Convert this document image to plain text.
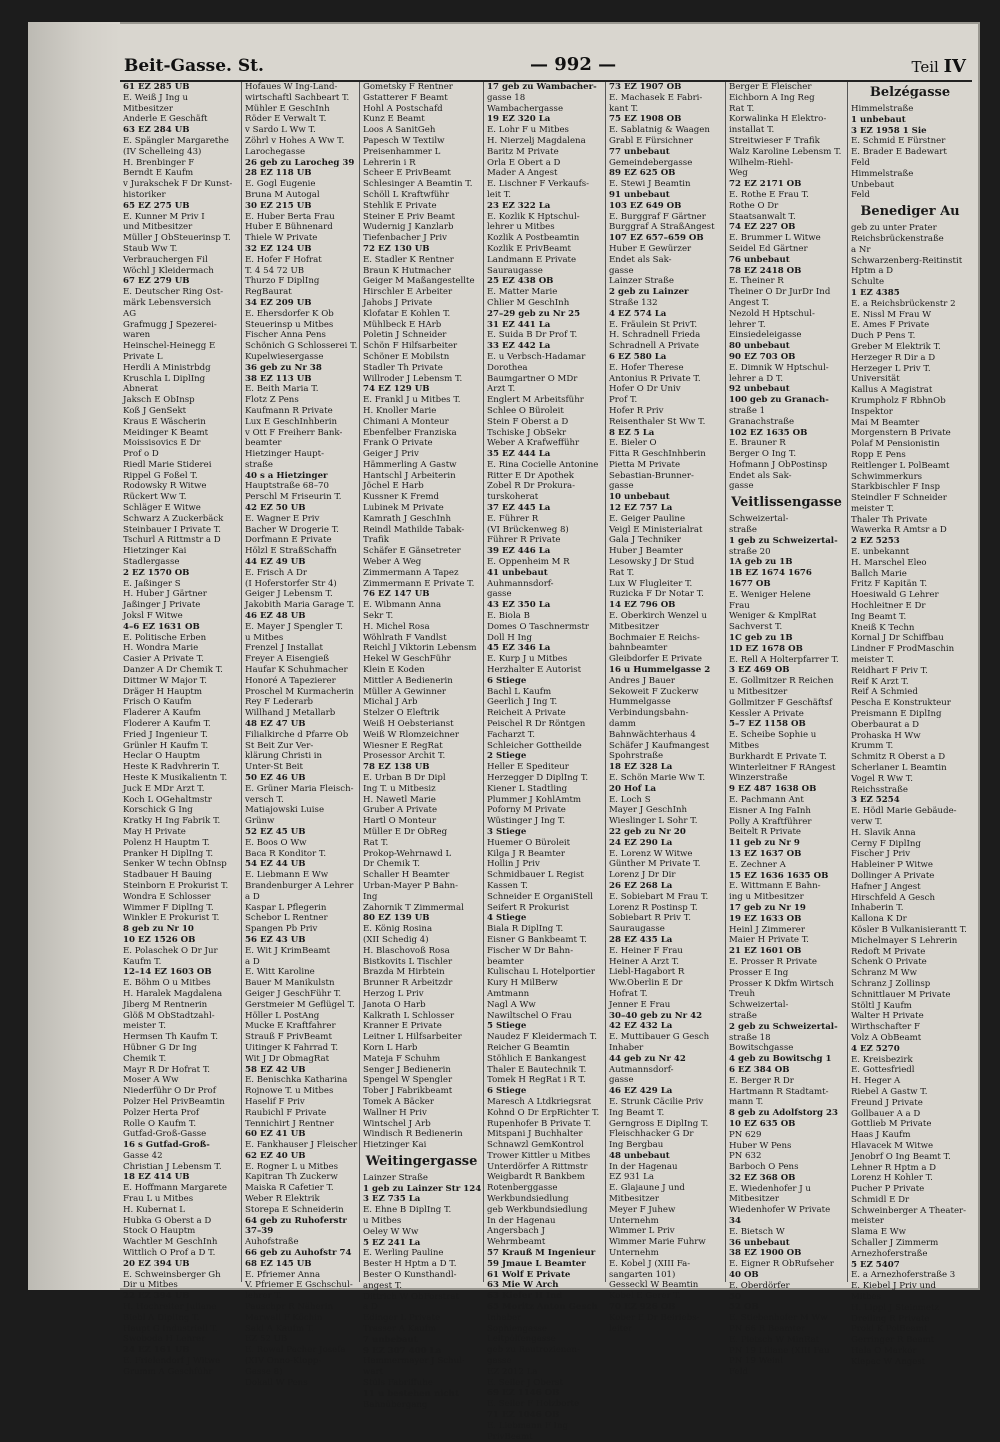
Beit-Gasse. St.	— 992 —	Teil IV
61 EZ 285 UB
E. Weiß J Ing u
Mitbesitzer
Anderle E Geschäft
63 EZ 284 UB
E. Spängler Margarethe
(IV Schelleing 43)
H. Brenbinger F
Berndt E Kaufm
v Jurakschek F Dr Kunst-
historiker
65 EZ 275 UB
E. Kunner M Priv I
und Mitbesitzer
Müller J ObSteuerinsp T.
Staub Ww T.
Verbrauchergen Fil
Wöchl J Kleidermach
67 EZ 279 UB
E. Deutscher Ring Ost-
märk Lebensversich
AG
Grafmugg J Spezerei-
waren
Heinschel-Heinegg E
Private L
Herdli A Ministrbdg
Kruschla L DiplIng
Abnerat
Jaksch E ObInsp
Koß J GenSekt
Kraus E Wäscherin
Meidinger K Beamt
Moissisovics E Dr
Prof o D
Riedl Marie Stiderei
Rippel G Foßel T.
Rodowsky R Witwe
Rückert Ww T.
Schläger E Witwe
Schwarz A Zuckerbäck
Steinbauer I Private T.
Tschurl A Rittmstr a D
Hietzinger Kai
Stadlergasse
2 EZ 1570 OB
E. Jaßinger S
H. Huber J Gärtner
Jaßinger J Private
Joksl F Witwe
4–6 EZ 1631 OB
E. Politische Erben
H. Wondra Marie
Casier A Private T.
Danzer A Dr Chemik T.
Dittmer W Major T.
Dräger H Hauptm
Frisch O Kaufm
Fladerer A Kaufm
Floderer A Kaufm T.
Fried J Ingenieur T.
Grünler H Kaufm T.
Heclar O Hauptm
Heste K Radvhrerin T.
Heste K Musikalientn T.
Juck E MDr Arzt T.
Koch L OGehaltmstr
Korschick G Ing
Kratky H Ing Fabrik T.
May H Private
Polenz H Hauptm T.
Pranker H DiplIng T.
Senker W techn ObInsp
Stadbauer H Bauing
Steinborn E Prokurist T.
Wondra E Schlosser
Wimmer F DiplIng T.
Winkler E Prokurist T.
8 geb zu Nr 10
10 EZ 1526 OB
E. Polaschek O Dr Jur
Kaufm T.
12–14 EZ 1603 OB
E. Böhm O u Mitbes
H. Haralek Magdalena
Jiberg M Rentnerin
Glöß M ObStadtzahl-
meister T.
Hermsen Th Kaufm T.
Hübner G Dr Ing
Chemik T.
Mayr R Dr Hofrat T.
Moser A Ww
Niederführ O Dr Prof
Polzer Hel PrivBeamtin
Polzer Herta Prof
Rolle O Kaufm T.
Gutfad-Groß-Gasse
16 s Gutfad-Groß-
Gasse 42
Christian J Lebensm T.
18 EZ 414 UB
E. Hoffmann Margarete
Frau L u Mitbes
H. Kubernat L
Hubka G Oberst a D
Stock O Hauptm
Wachtler M GeschInh
Wittlich O Prof a D T.
20 EZ 394 UB
E. Schweinsberger Gh
Dir u Mitbes
22 EZ 394 UB
H. Hochreiter Juliane
Biebl A DiplIng T.
Haupt G Industriell T.
Swoboda H Lehrer
24 EZ 161 UB
E. Frielendorf J Witwe
Grumm A Geschführ
Hofaues W Ing-Land-
wirtschaftl Sachbeart T.
Mühler E GeschInh
Röder E Verwalt T.
v Sardo L Ww T.
Zöhrl v Hohes A Ww T.
Larochegasse
26 geb zu Larocheg 39
28 EZ 118 UB
E. Gogl Eugenie
Bruna M Autogal
30 EZ 215 UB
E. Huber Berta Frau
Huber E Bühnenard
Thiele W Private
32 EZ 124 UB
E. Hofer F Hofrat
T. 4 54 72 UB
Thurzo F DiplIng
RegBaurat
34 EZ 209 UB
E. Ehersdorfer K Ob
Steuerinsp u Mitbes
Fischer Anna Pens
Schönich G Schlosserei T.
Kupelwiesergasse
36 geb zu Nr 38
38 EZ 113 UB
E. Beith Maria T.
Flotz Z Pens
Kaufmann R Private
Lux E GeschInhberin
v Ott F Freiherr Bank-
beamter
Hietzinger Haupt-
straße
40 s a Hietzinger
Hauptstraße 68–70
Perschl M Friseurin T.
42 EZ 50 UB
E. Wagner E Priv
Bacher W Drogerie T.
Dorfmann E Private
Hölzl E StraßSchaffn
44 EZ 49 UB
E. Frisch A Dr
(I Hoferstorfer Str 4)
Geiger J Lebensm T.
Jakobith Maria Garage T.
46 EZ 48 UB
E. Mayer J Spengler T.
u Mitbes
Frenzel J Installat
Freyer A Eisengieß
Haufar K Schuhmacher
Honoré A Tapezierer
Proschel M Kurmacherin
Rey F Lederarb
Willhand J Metallarb
48 EZ 47 UB
Filialkirche d Pfarre Ob
St Beit Zur Ver-
klärung Christi in
Unter-St Beit
50 EZ 46 UB
E. Grüner Maria Fleisch-
versch T.
Matiajowski Luise
Grünw
52 EZ 45 UB
E. Boos O Ww
Baca R Konditor T.
54 EZ 44 UB
E. Liebmann E Ww
Brandenburger A Lehrer
a D
Kaspar L Pflegerin
Schebor L Rentner
Spangen Pb Priv
56 EZ 43 UB
E. Wit J KrimBeamt
a D
E. Witt Karoline
Bauer M Manikulstn
Geiger J GeschFühr T.
Gerstmeier M Geflügel T.
Höller L PostAng
Mucke E Kraftfahrer
Strauß F PrivBeamt
Uitinger K Fahrrad T.
Wit J Dr ObmagRat
58 EZ 42 UB
E. Benischka Katharina
Rojnowe T. u Mitbes
Haselif F Priv
Raubichl F Private
Tennichirt J Rentner
60 EZ 41 UB
E. Fankhauser J Fleischer
62 EZ 40 UB
E. Rogner L u Mitbes
Kapitran Th Zuckerw
Maiska R Cafetier T.
Weber R Elektrik
Storepa E Schneiderin
64 geb zu Ruhoferstr
37–39
Auhofstraße
66 geb zu Auhofstr 74
68 EZ 145 UB
E. Pfriemer Anna
V. Pfriemer E Gschschul-
lehrer T.
Pauschpr R Näherin
Marwall F Köchin
Sakl A Kaufm T.
EZ 52 UB
E. Rowal Pacher Josefa
(XIV Onno-Klopp-
Gasse 8)
Dokall W Pens
Gometsky F Rentner
Gstatterer F Beamt
Hohl A Postschafd
Kunz E Beamt
Loos A SanitGeh
Papesch W Textilw
Preisenhammer L
Lehrerin i R
Scheer E PrivBeamt
Schlesinger A Beamtin T.
Schöll L Kraftwführ
Stehlik E Private
Steiner E Priv Beamt
Wudernig J Kanzlarb
Tiefenbacher J Priv
72 EZ 130 UB
E. Stadler K Rentner
Braun K Hutmacher
Geiger M Maßangestellte
Hirschler E Arbeiter
Jahobs J Private
Klofatar E Kohlen T.
Mühlbeck E HArb
Poletin J Schneider
Schön F Hilfsarbeiter
Schöner E Mobilstn
Stadler Th Private
Willroder J Lebensm T.
74 EZ 129 UB
E. Frankl J u Mitbes T.
H. Knoller Marie
Chimani A Monteur
Ebenfelber Franziska
Frank O Private
Geiger J Priv
Hämmerling A Gastw
Hantschl J Arbeiterin
Jöchel E Harb
Kussner K Fremd
Lubinek M Private
Kamrath J GeschInh
Reindl Mathilde Tabak-
Trafik
Schäfer E Gänsetreter
Weber A Weg
Zimmermann A Tapez
Zimmermann E Private T.
76 EZ 147 UB
E. Wibmann Anna
Sekr T.
H. Michel Rosa
Wöhlrath F Vandlst
Reichl J Viktorin Lebensm
Hekel W GeschFühr
Klein E Koden
Mittler A Bedienerin
Müller A Gewinner
Michal J Arb
Stelzer O Eleftrik
Weiß H Oebsterianst
Weiß W Rlomzeichner
Wiesner E RegRat
Prosessor Archit T.
78 EZ 138 UB
E. Urban B Dr Dipl
Ing T. u Mitbesiz
H. Nawetl Marie
Gruber A Private
Hartl O Monteur
Müller E Dr ObReg
Rat T.
Prokop-Wehrnawd L
Dr Chemik T.
Schaller H Beamter
Urban-Mayer P Bahn-
Ing
Zahornik T Zimmermal
80 EZ 139 UB
E. König Rosina
(XII Schedig 4)
H. Blaschovoß Rosa
Bistkovits L Tischler
Brazda M Hirbtein
Brunner R Arbeitzdr
Herzog L Priv
Janota O Harb
Kalkrath L Schlosser
Kranner E Private
Leitner L Hilfsarbeiter
Korn L Harb
Mateja F Schuhm
Senger J Bedienerin
Spengel W Spengler
Tober J Fabrikbeamt
Tomek A Bäcker
Wallner H Priv
Wintschel J Arb
Windisch R Bedienerin
Hietzinger Kai
Weitingergasse
Lainzer Straße
1 geb zu Lainzer Str 124
3 EZ 735 La
E. Ehne B DiplIng T.
u Mitbes
Oeley W Ww
5 EZ 241 La
E. Werling Pauline
Bester H Hptm a D T.
Bester O Kunsthandl-
angest T.
Dittrich W ObForstrat
a D
Edinger L Private
Trasser A Kaufm
7 unbebaut
9 EZ 307 400 La
Hammermayer J Schul-
wart
Stüls Fabriffuhe
11 u bestehen nicht
Bahnübergang
17 geb zu Wambacher-
gasse 18
Wambachergasse
19 EZ 320 La
E. Lohr F u Mitbes
H. Nierzelj Magdalena
Baritz M Private
Orla E Obert a D
Mader A Angest
E. Lischner F Verkaufs-
leit T.
23 EZ 322 La
E. Kozlik K Hptschul-
lehrer u Mitbes
Kozlik A Postbeamtin
Kozlik E PrivBeamt
Landmann E Private
Sauraugasse
25 EZ 438 OB
E. Matter Marie
Chlier M GeschInh
27–29 geb zu Nr 25
31 EZ 441 La
E. Suida B Dr Prof T.
33 EZ 442 La
E. u Verbsch-Hadamar
Dorothea
Baumgartner O MDr
Arzt T.
Englert M Arbeitsführ
Schlee O Büroleit
Stein F Oberst a D
Tschiske J ObSekr
Weber A Krafwefführ
35 EZ 444 La
E. Rina Cocielle Antonine
Ritter E Dr Apothek
Zobel R Dr Prokura-
turskoherat
37 EZ 445 La
E. Führer R
(VI Brückenweg 8)
Führer R Private
39 EZ 446 La
E. Oppenheim M R
41 unbebaut
Auhmannsdorf-
gasse
43 EZ 350 La
E. Biola B
Domes O Taschnermstr
Doll H Ing
45 EZ 346 La
E. Kurp J u Mitbes
Herzhalter E Autorist
6 Stiege
Bachl L Kaufm
Geerlich J Ing T.
Reicheit A Private
Peischel R Dr Röntgen
Facharzt T.
Schleicher Gottheilde
2 Stiege
Heller E Spediteur
Herzegger D DiplIng T.
Kiener L Stadtling
Plummer J KohlAmtm
Poforny M Private
Wüstinger J Ing T.
3 Stiege
Huemer O Büroleit
Kilga J R Beamter
Hollin J Priv
Schmidbauer L Regist
Kassen T.
Schneider E OrganiStell
Seifert R Prokurist
4 Stiege
Biala R DiplIng T.
Eisner G Bankbeamt T.
Fischer W Dr Bahn-
beamter
Kulischau L Hotelportier
Kury H MilBerw
Amtmann
Nagl A Ww
Nawiltschel O Frau
5 Stiege
Naudez F Kleidermach T.
Reicher G Beamtin
Stöhlich E Bankangest
Thaler E Bautechnik T.
Tomek H RegRat i R T.
6 Stiege
Maresch A Ltdkriegsrat
Kohnd O Dr ErpRichter T.
Rupenhofer B Private T.
Mitspani J Buchhalter
Schnawzl GemKontrol
Trower Kittler u Mitbes
Unterdörfer A Rittmstr
Weigbardt R Bankbem
Rotenberggasse
Werkbundsiedlung
geb Werkbundsiedlung
In der Hagenau
Angersbach J
Wehrmbeamt
57 Krauß M Ingenieur
59 Jmaue L Beamter
61 Wolf E Private
63 Mie W Arch
63 Kiefer H Ind
65 Moritz Anton Gesch
Inhaber
Sophiengasse
Leitpölfengasse
geb zu Reutrozienen-
gasse
EZ 2012 La
E. Seiler J Oberst
69 EZ 1146 OB
E. Seiler F Holzborte
71 EZ 1046 OB
E. Liebmann F Ing
PrivBeamt
73 EZ 1907 OB
E. Machasek E Fabri-
kant T.
75 EZ 1908 OB
E. Sablatnig & Waagen
Grabl E Fürsichner
77 unbebaut
Gemeindebergasse
89 EZ 625 OB
E. Stewi J Beamtin
91 unbebaut
103 EZ 649 OB
E. Burggraf F Gärtner
Burggraf A StraßAngest
107 EZ 657–659 OB
Huber E Gewürzer
Endet als Sak-
gasse
Lainzer Straße
2 geb zu Lainzer
Straße 132
4 EZ 574 La
E. Fräulein St PrivT.
H. Schradnell Frieda
Schradnell A Private
6 EZ 580 La
E. Hofer Therese
Antonius R Private T.
Hofer O Dr Univ
Prof T.
Hofer R Priv
Reisenthaler St Ww T.
8 EZ 5 La
E. Bieler O
Fitta R GeschInhberin
Pietta M Private
Sebastian-Brunner-
gasse
10 unbebaut
12 EZ 757 La
E. Geiger Pauline
Veigl E Ministerialrat
Gala J Techniker
Huber J Beamter
Lesowsky J Dr Stud
Rat T.
Lux W Flugleiter T.
Ruzicka F Dr Notar T.
14 EZ 796 OB
E. Oberkirch Wenzel u
Mitbesitzer
Bochmaier E Reichs-
bahnbeamter
Gleibdorfer E Private
16 u Hummelgasse 2
Andres J Bauer
Sekoweit F Zuckerw
Hummelgasse
Verbindungsbahn-
damm
Bahnwächterhaus 4
Schäfer J Kaufmangest
Spohrstraße
18 EZ 328 La
E. Schön Marie Ww T.
20 Hof La
E. Loch S
Mayer J GeschInh
Wieslinger L Sohr T.
22 geb zu Nr 20
24 EZ 290 La
E. Lorenz W Witwe
Günther M Private T.
Lorenz J Dr Dir
26 EZ 268 La
E. Sobiebart M Frau T.
Lorenz R Postinsp T.
Sobiebart R Priv T.
Sauraugasse
28 EZ 435 La
E. Heiner F Frau
Heiner A Arzt T.
Liebl-Hagabort R
Ww.Oberlin E Dr
Hofrat T.
Jenner E Frau
30–40 geb zu Nr 42
42 EZ 432 La
E. Muttibauer G Gesch
Inhaber
44 geb zu Nr 42
Autmannsdorf-
gasse
46 EZ 429 La
E. Strunk Cäcilie Priv
Ing Beamt T.
Gerngross E DiplIng T.
Fleischhacker G Dr
Ing Bergbau
48 unbebaut
In der Hagenau
EZ 931 La
E. Glajaune J und
Mitbesitzer
Meyer F Juhew
Unternehm
Wimmer L Priv
Wimmer Marie Fuhrw
Unternehm
E. Kobel J (XIII Fa-
sangarten 101)
Gesseckl W Beamtin
Kobel E Gerer T.
70 EZ 926 OB
Kober E Dr Beiriebs-
leiter
Berger E Fleischer
Eichborn A Ing Reg
Rat T.
Korwalinka H Elektro-
installat T.
Streitwieser F Trafik
Walz Karoline Lebensm T.
Wilhelm-Riehl-
Weg
72 EZ 2171 OB
E. Rothe E Frau T.
Rothe O Dr
Staatsanwalt T.
74 EZ 227 OB
E. Brummer L Witwe
Seidel Ed Gärtner
76 unbebaut
78 EZ 2418 OB
E. Theiner R
Theiner O Dr JurDr Ind
Angest T.
Nezold H Hptschul-
lehrer T.
Einsiedeleigasse
80 unbebaut
90 EZ 703 OB
E. Dimnik W Hptschul-
lehrer a D T.
92 unbebaut
100 geb zu Granach-
straße 1
Granachstraße
102 EZ 1635 OB
E. Brauner R
Berger O Ing T.
Hofmann J ObPostinsp
Endet als Sak-
gasse
Veitlissengasse
Schweizertal-
straße
1 geb zu Schweizertal-
straße 20
1A geb zu 1B
1B EZ 1674 1676
1677 OB
E. Weniger Helene
Frau
Weniger & KmplRat
Sachverst T.
1C geb zu 1B
1D EZ 1678 OB
E. Rell A Holterpfarrer T.
3 EZ 469 OB
E. Gollmitzer R Reichen
u Mitbesitzer
Gollmitzer F Geschäftsf
Kessler A Private
5–7 EZ 1158 OB
E. Scheibe Sophie u
Mitbes
Burkhardt E Private T.
Winterleitner F RAngest
Winzerstraße
9 EZ 487 1638 OB
E. Pachmann Ant
Eisner A Ing FaInh
Polly A Kraftführer
Beitelt R Private
11 geb zu Nr 9
13 EZ 1637 OB
E. Zechner A
15 EZ 1636 1635 OB
E. Wittmann E Bahn-
ing u Mitbesitzer
17 geb zu Nr 19
19 EZ 1633 OB
Heinl J Zimmerer
Maier H Private T.
21 EZ 1601 OB
E. Prosser R Private
Prosser E Ing
Prosser K Dkfm Wirtsch
Treuh
Schweizertal-
straße
2 geb zu Schweizertal-
straße 18
Bowitschgasse
4 geb zu Bowitschg 1
6 EZ 384 OB
E. Berger R Dr
Hartmann R Stadtamt-
mann T.
8 geb zu Adolfstorg 23
10 EZ 635 OB
PN 629
Huber W Pens
PN 632
Barboch O Pens
32 EZ 368 OB
E. Wiedenhofer J u
Mitbesitzer
Wiedenhofer W Private
34
E. Bietsch W
36 unbebaut
38 EZ 1900 OB
E. Eigner R ObRufseher
40 OB
E. Oberdörfer
50
52 OB
E. Stiebenhofer M Ww
PN 66 R Beamter
E. Pletsch W MinRat
PN 19 Liliane (XIII Fau
PN 19 Weinl
Feld
Belzégasse
Himmelstraße
1 unbebaut
3 EZ 1958 1 Sie
E. Schmid E Fürstner
E. Brader E Badewart
Feld
Himmelstraße
Unbebaut
Feld
Benediger Au
geb zu unter Prater
Reichsbrückenstraße
a Nr
Schwarzenberg-Reitinstit
Hptm a D
Schulte
1 EZ 4385
E. a Reichsbrückenstr 2
E. Nissl M Frau W
E. Ames F Private
Duch P Pens T.
Greber M Elektrik T.
Herzeger R Dir a D
Herzeger L Priv T.
Universität
Kallus A Magistrat
Krumpholz F RbhnOb
Inspektor
Mai M Beamter
Morgenstern B Private
Polaf M Pensionistin
Ropp E Pens
Reitlenger L PolBeamt
Schwimmerkurs
Starkbischler F Insp
Steindler F Schneider
meister T.
Thaler Th Private
Wawerka R Amtsr a D
2 EZ 5253
E. unbekannt
H. Marschel Eleo
Ballch Marie
Fritz F Kapitän T.
Hoesiwald G Lehrer
Hochleitner E Dr
Ing Beamt T.
Kneiß K Techn
Kornal J Dr Schiffbau
Lindner F ProdMaschin
meister T.
Reidhart F Priv T.
Reif K Arzt T.
Reif A Schmied
Pescha E Konstrukteur
Preismann E DiplIng
Oberbaurat a D
Prohaska H Ww
Krumm T.
Schmitz R Oberst a D
Scherlaner L Beamtin
Vogel R Ww T.
Reichsstraße
3 EZ 5254
E. Hödl Marie Gebäude-
verw T.
H. Slavik Anna
Cerny F DiplIng
Fischer J Priv
Hableiner P Witwe
Dollinger A Private
Hafner J Angest
Hirschfeld A Gesch
Inhaberin T.
Kallona K Dr
Kösler B Vulkanisierantt T.
Michelmayer S Lehrerin
Redoft M Private
Schenk O Private
Schranz M Ww
Schranz J Zollinsp
Schnittlauer M Private
Stöltl J Kaufm
Walter H Private
Wirthschafter F
Volz A ObBeamt
4 EZ 5270
E. Kreisbezirk
E. Gottesfriedl
H. Heger A
Riebel A Gastw T.
Freund J Private
Gollbauer A a D
Gottlieb M Private
Haas J Kaufm
Hlavacek M Witwe
Jenobrf O Ing Beamt T.
Lehner R Hptm a D
Lorenz H Kohler T.
Pucher P Private
Schmidl E Dr
Schweinberger A Theater-
meister
Slama E Ww
Schaller J Zimmerm
Arnezhoferstraße
5 EZ 5407
E. a Arnezhoferstraße 3
E. Kiebel J Priv und
Mitbes
H. Lippl J Steinmetz
Dreiling R Private
Prokl K PolBeamt
Gerringer R Beamt
Hala O Markör
Klepac W Angest
